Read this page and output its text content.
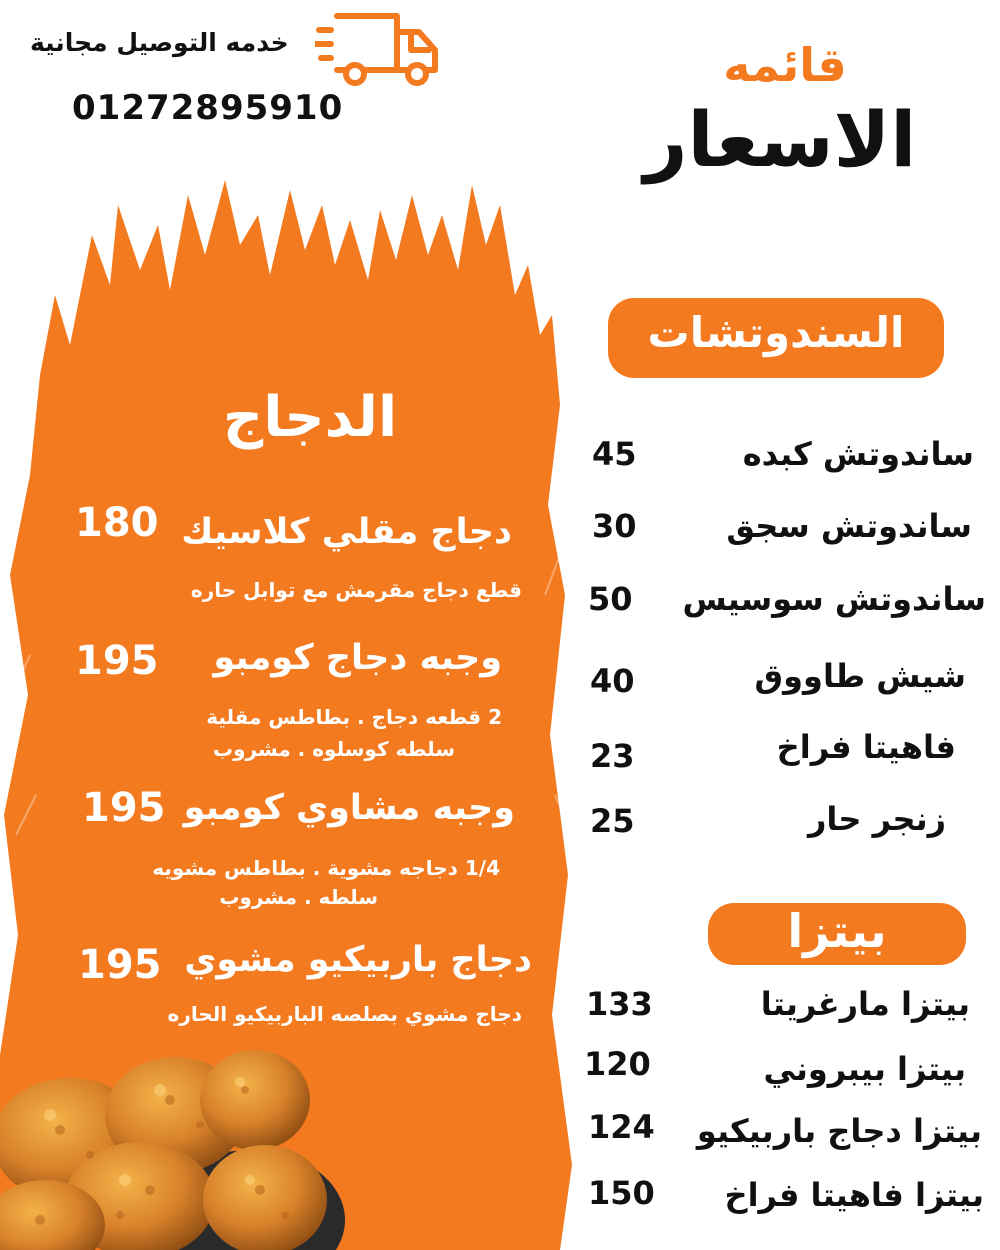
خدمه التوصيل مجانية
01272895910
قائمه
الاسعار
الدجاج
دجاج مقلي كلاسيك
180
قطع دجاج مقرمش مع توابل حاره
وجبه دجاج كومبو
195
2 قطعه دجاج . بطاطس مقلية
سلطه كوسلوه . مشروب
وجبه مشاوي كومبو
195
1/4 دجاجه مشوية . بطاطس مشويه
سلطه . مشروب
دجاج باربيكيو مشوي
195
دجاج مشوي بصلصه الباربيكيو الحاره
السندوتشات
ساندوتش كبده
45
ساندوتش سجق
30
ساندوتش سوسيس
50
شيش طاووق
40
فاهيتا فراخ
23
زنجر حار
25
بيتزا
بيتزا مارغريتا
133
بيتزا بيبروني
120
بيتزا دجاج باربيكيو
124
بيتزا فاهيتا فراخ
150
